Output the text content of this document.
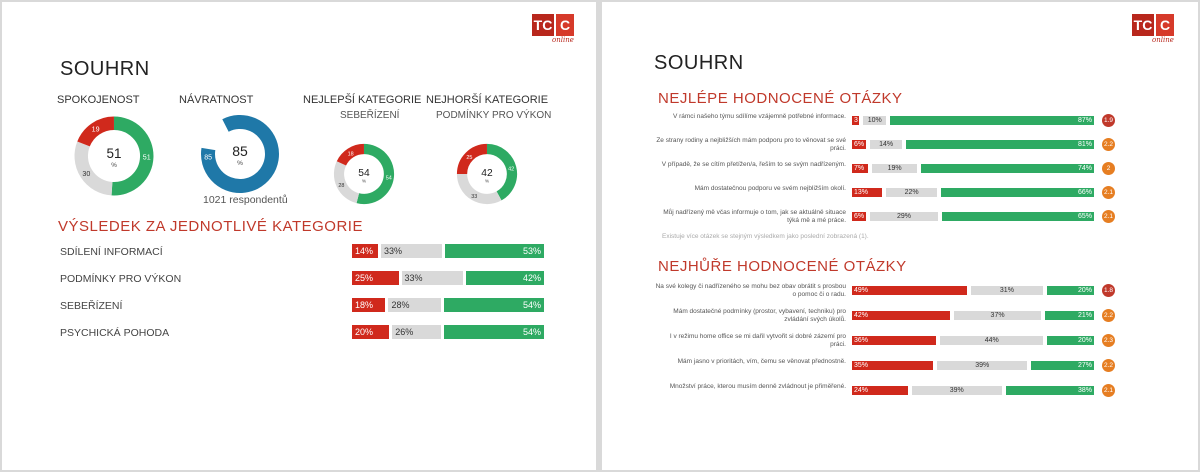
TC C
online
SOUHRN
SPOKOJENOST	NÁVRATNOST	NEJLEPŠÍ KATEGORIE
SEBEŘÍZENÍ
NEJHORŠÍ KATEGORIE
PODMÍNKY PRO VÝKON
51
30
19
51
%
54
28
18
54
%
42
33
25
42
%
85 85
%
1021 respondentů
VÝSLEDEK ZA JEDNOTLIVÉ KATEGORIE
SDÍLENÍ INFORMACÍ	14%	33%	53%
PODMÍNKY PRO VÝKON	25%	33%	42%
SEBEŘÍZENÍ	18%	28%	54%
PSYCHICKÁ POHODA	20%	26%	54%
TC C
online
SOUHRN
NEJLÉPE HODNOCENÉ OTÁZKY
V rámci našeho týmu sdílíme vzájemně potřebné informace.
3	10%	87%	1.9
Ze strany rodiny a nejbližších mám podporu pro to věnovat se své práci.
6%	14%	81%	2.2
V případě, že se cítím přetížen/a, řeším to se svým nadřízeným.
7%	19%	74%	2
Mám dostatečnou podporu ve svém nejbližším okolí.
13%	22%	66%	2.1
Můj nadřízený mě včas informuje o tom, jak se aktuálně situace týká mě a mé práce.
6%	29%	65%	2.1
Existuje více otázek se stejným výsledkem jako poslední zobrazená (1).
NEJHŮŘE HODNOCENÉ OTÁZKY
Na své kolegy či nadřízeného se mohu bez obav obrátit s prosbou o pomoc či o radu.
49%	31%	20%	1.8
Mám dostatečné podmínky (prostor, vybavení, techniku) pro zvládání svých úkolů.
42%	37%	21%	2.2
I v režimu home office se mi dařil vytvořit si dobré zázemí pro práci.
36%	44%	20%	2.3
Mám jasno v prioritách, vím, čemu se věnovat přednostně.
35%	39%	27%	2.2
Množství práce, kterou musím denně zvládnout je přiměřené.
24%	39%	38%	2.1
